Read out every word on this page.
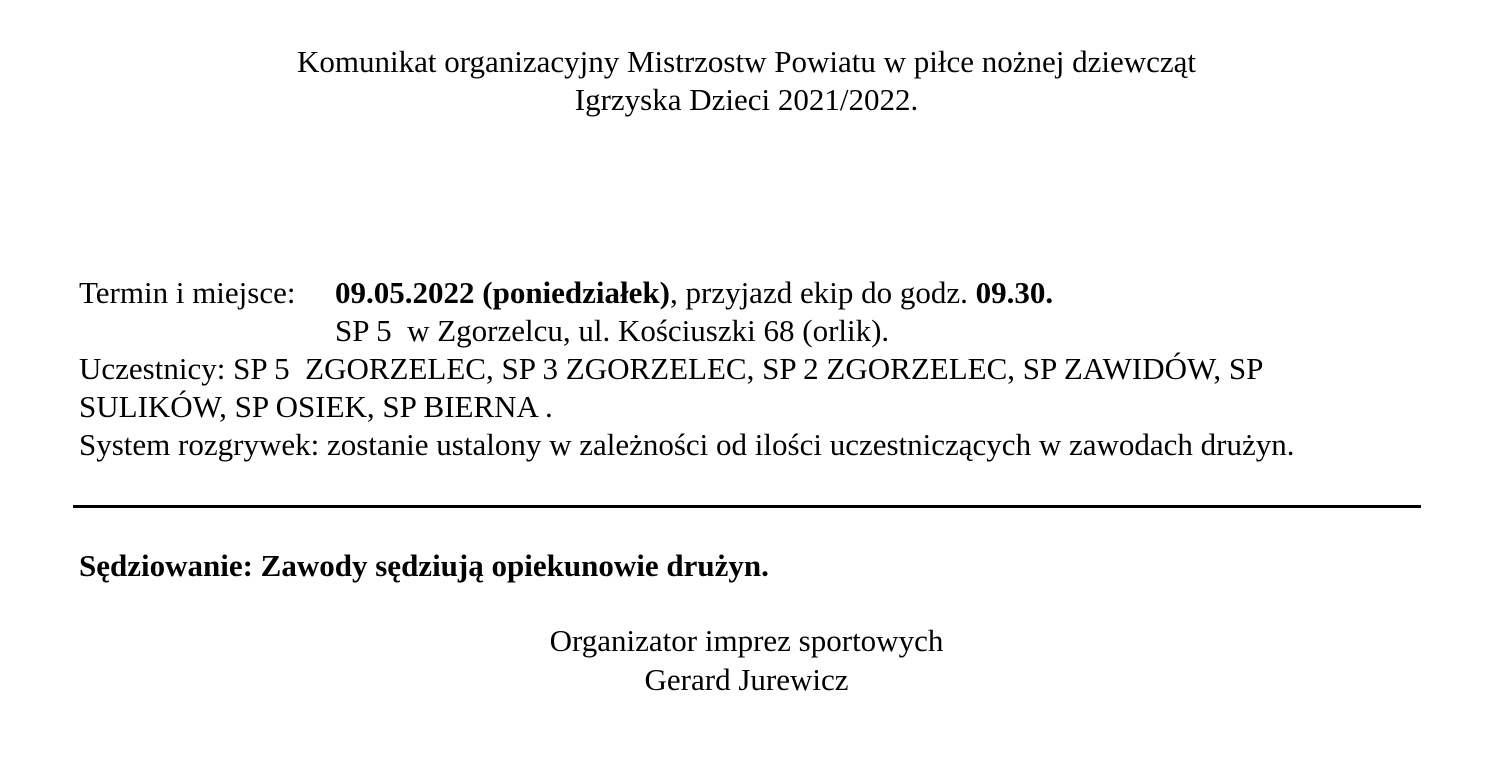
Komunikat organizacyjny Mistrzostw Powiatu w piłce nożnej dziewcząt
Igrzyska Dzieci 2021/2022.
Termin i miejsce: 09.05.2022 (poniedziałek), przyjazd ekip do godz. 09.30.
SP 5  w Zgorzelcu, ul. Kościuszki 68 (orlik).
Uczestnicy: SP 5  ZGORZELEC, SP 3 ZGORZELEC, SP 2 ZGORZELEC, SP ZAWIDÓW, SP
SULIKÓW, SP OSIEK, SP BIERNA .
System rozgrywek: zostanie ustalony w zależności od ilości uczestniczących w zawodach drużyn.
Sędziowanie: Zawody sędziują opiekunowie drużyn.
Organizator imprez sportowych
Gerard Jurewicz
